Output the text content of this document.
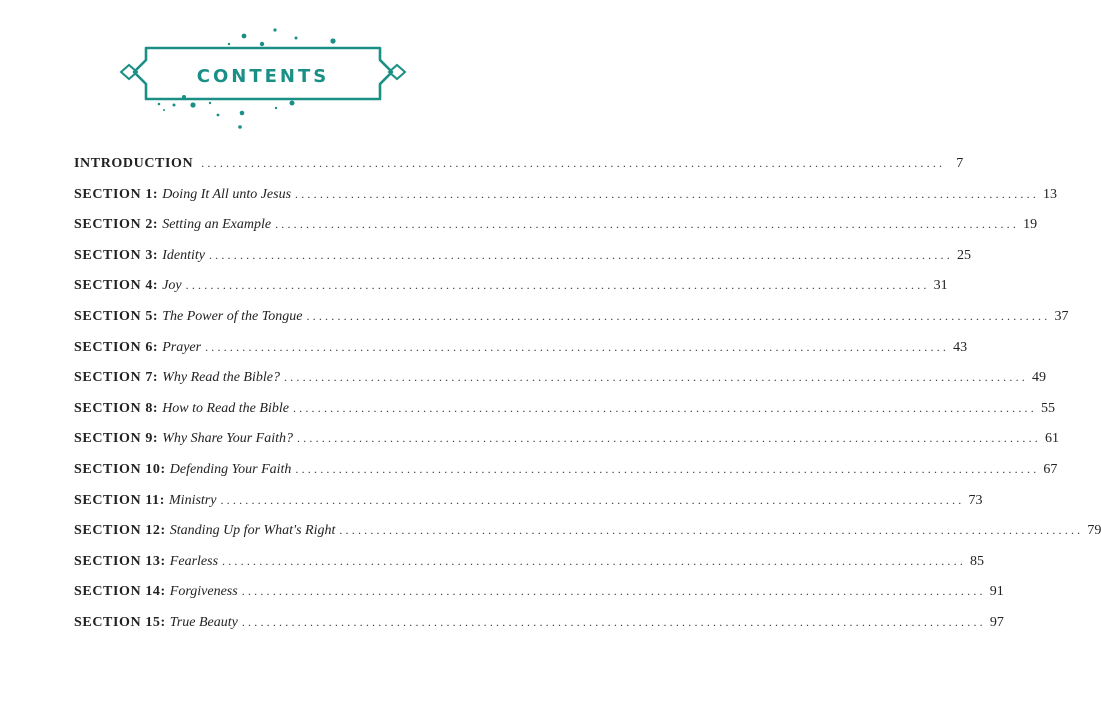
CONTENTS
INTRODUCTION ........................................................................................................................ 7
SECTION 1: Doing It All unto Jesus ........................................................................................................................ 13
SECTION 2: Setting an Example ........................................................................................................................ 19
SECTION 3: Identity ........................................................................................................................ 25
SECTION 4: Joy ........................................................................................................................ 31
SECTION 5: The Power of the Tongue ........................................................................................................................ 37
SECTION 6: Prayer ........................................................................................................................ 43
SECTION 7: Why Read the Bible? ........................................................................................................................ 49
SECTION 8: How to Read the Bible ........................................................................................................................ 55
SECTION 9: Why Share Your Faith? ........................................................................................................................ 61
SECTION 10: Defending Your Faith ........................................................................................................................ 67
SECTION 11: Ministry ........................................................................................................................ 73
SECTION 12: Standing Up for What's Right ........................................................................................................................ 79
SECTION 13: Fearless ........................................................................................................................ 85
SECTION 14: Forgiveness ........................................................................................................................ 91
SECTION 15: True Beauty ........................................................................................................................ 97
